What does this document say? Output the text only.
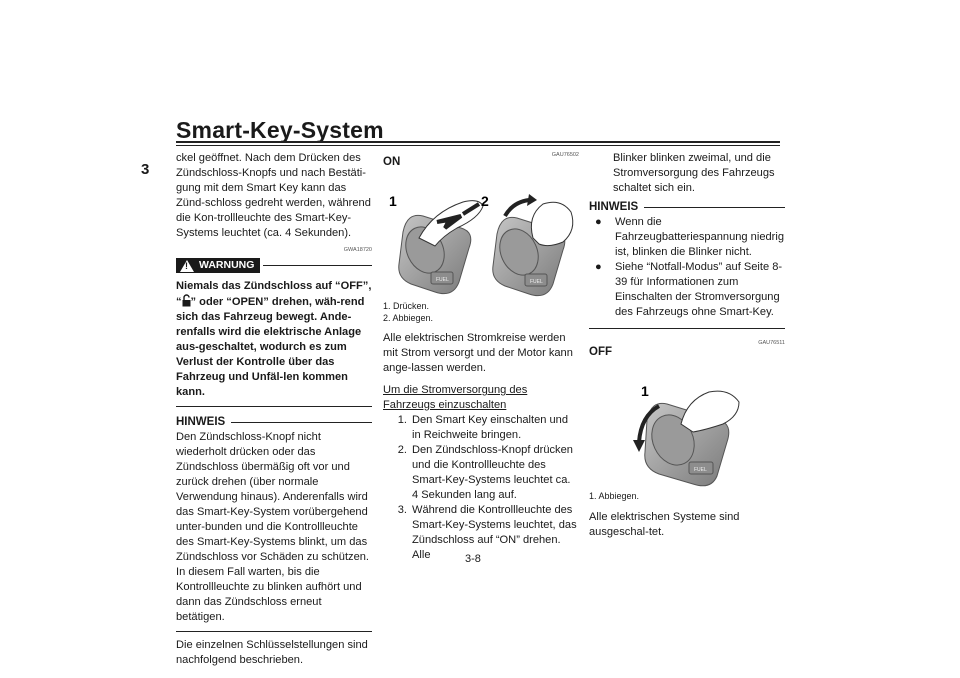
Smart-Key-System
3

ckel geöffnet. Nach dem Drücken des Zündschloss-Knopfs und nach Bestäti-gung mit dem Smart Key kann das Zünd-schloss gedreht werden, während die Kon-trollleuchte des Smart-Key-Systems leuchtet (ca. 4 Sekunden).

GWA18720
! WARNUNG

Niemals das Zündschloss auf “OFF”, “ ” oder “OPEN” drehen, wäh-rend sich das Fahrzeug bewegt. Ande-renfalls wird die elektrische Anlage aus-geschaltet, wodurch es zum Verlust der Kontrolle über das Fahrzeug und Unfäl-len kommen kann.

HINWEIS

Den Zündschloss-Knopf nicht wiederholt drücken oder das Zündschloss übermäßig oft vor und zurück drehen (über normale Verwendung hinaus). Anderenfalls wird das Smart-Key-System vorübergehend unter-bunden und die Kontrollleuchte des Smart-Key-Systems blinkt, um das Zündschloss vor Schäden zu schützen. In diesem Fall warten, bis die Kontrollleuchte zu blinken aufhört und dann das Zündschloss erneut betätigen.

Die einzelnen Schlüsselstellungen sind nachfolgend beschrieben.

GAU76502
ON
FUEL
1
FUEL
2
1. Drücken.
2. Abbiegen.

Alle elektrischen Stromkreise werden mit Strom versorgt und der Motor kann ange-lassen werden.

Um die Stromversorgung des Fahrzeugs einzuschalten

1. Den Smart Key einschalten und in Reichweite bringen.
2. Den Zündschloss-Knopf drücken und die Kontrollleuchte des Smart-Key-Systems leuchtet ca. 4 Sekunden lang auf.
3. Während die Kontrollleuchte des Smart-Key-Systems leuchtet, das Zündschloss auf “ON” drehen. Alle

Blinker blinken zweimal, und die Stromversorgung des Fahrzeugs schaltet sich ein.

HINWEIS
●	Wenn die Fahrzeugbatteriespannung niedrig ist, blinken die Blinker nicht.
●	Siehe “Notfall-Modus” auf Seite 8-39 für Informationen zum Einschalten der Stromversorgung des Fahrzeugs ohne Smart-Key.
GAU76511
OFF
FUEL
1
1. Abbiegen.

Alle elektrischen Systeme sind ausgeschal-tet.

3-8
